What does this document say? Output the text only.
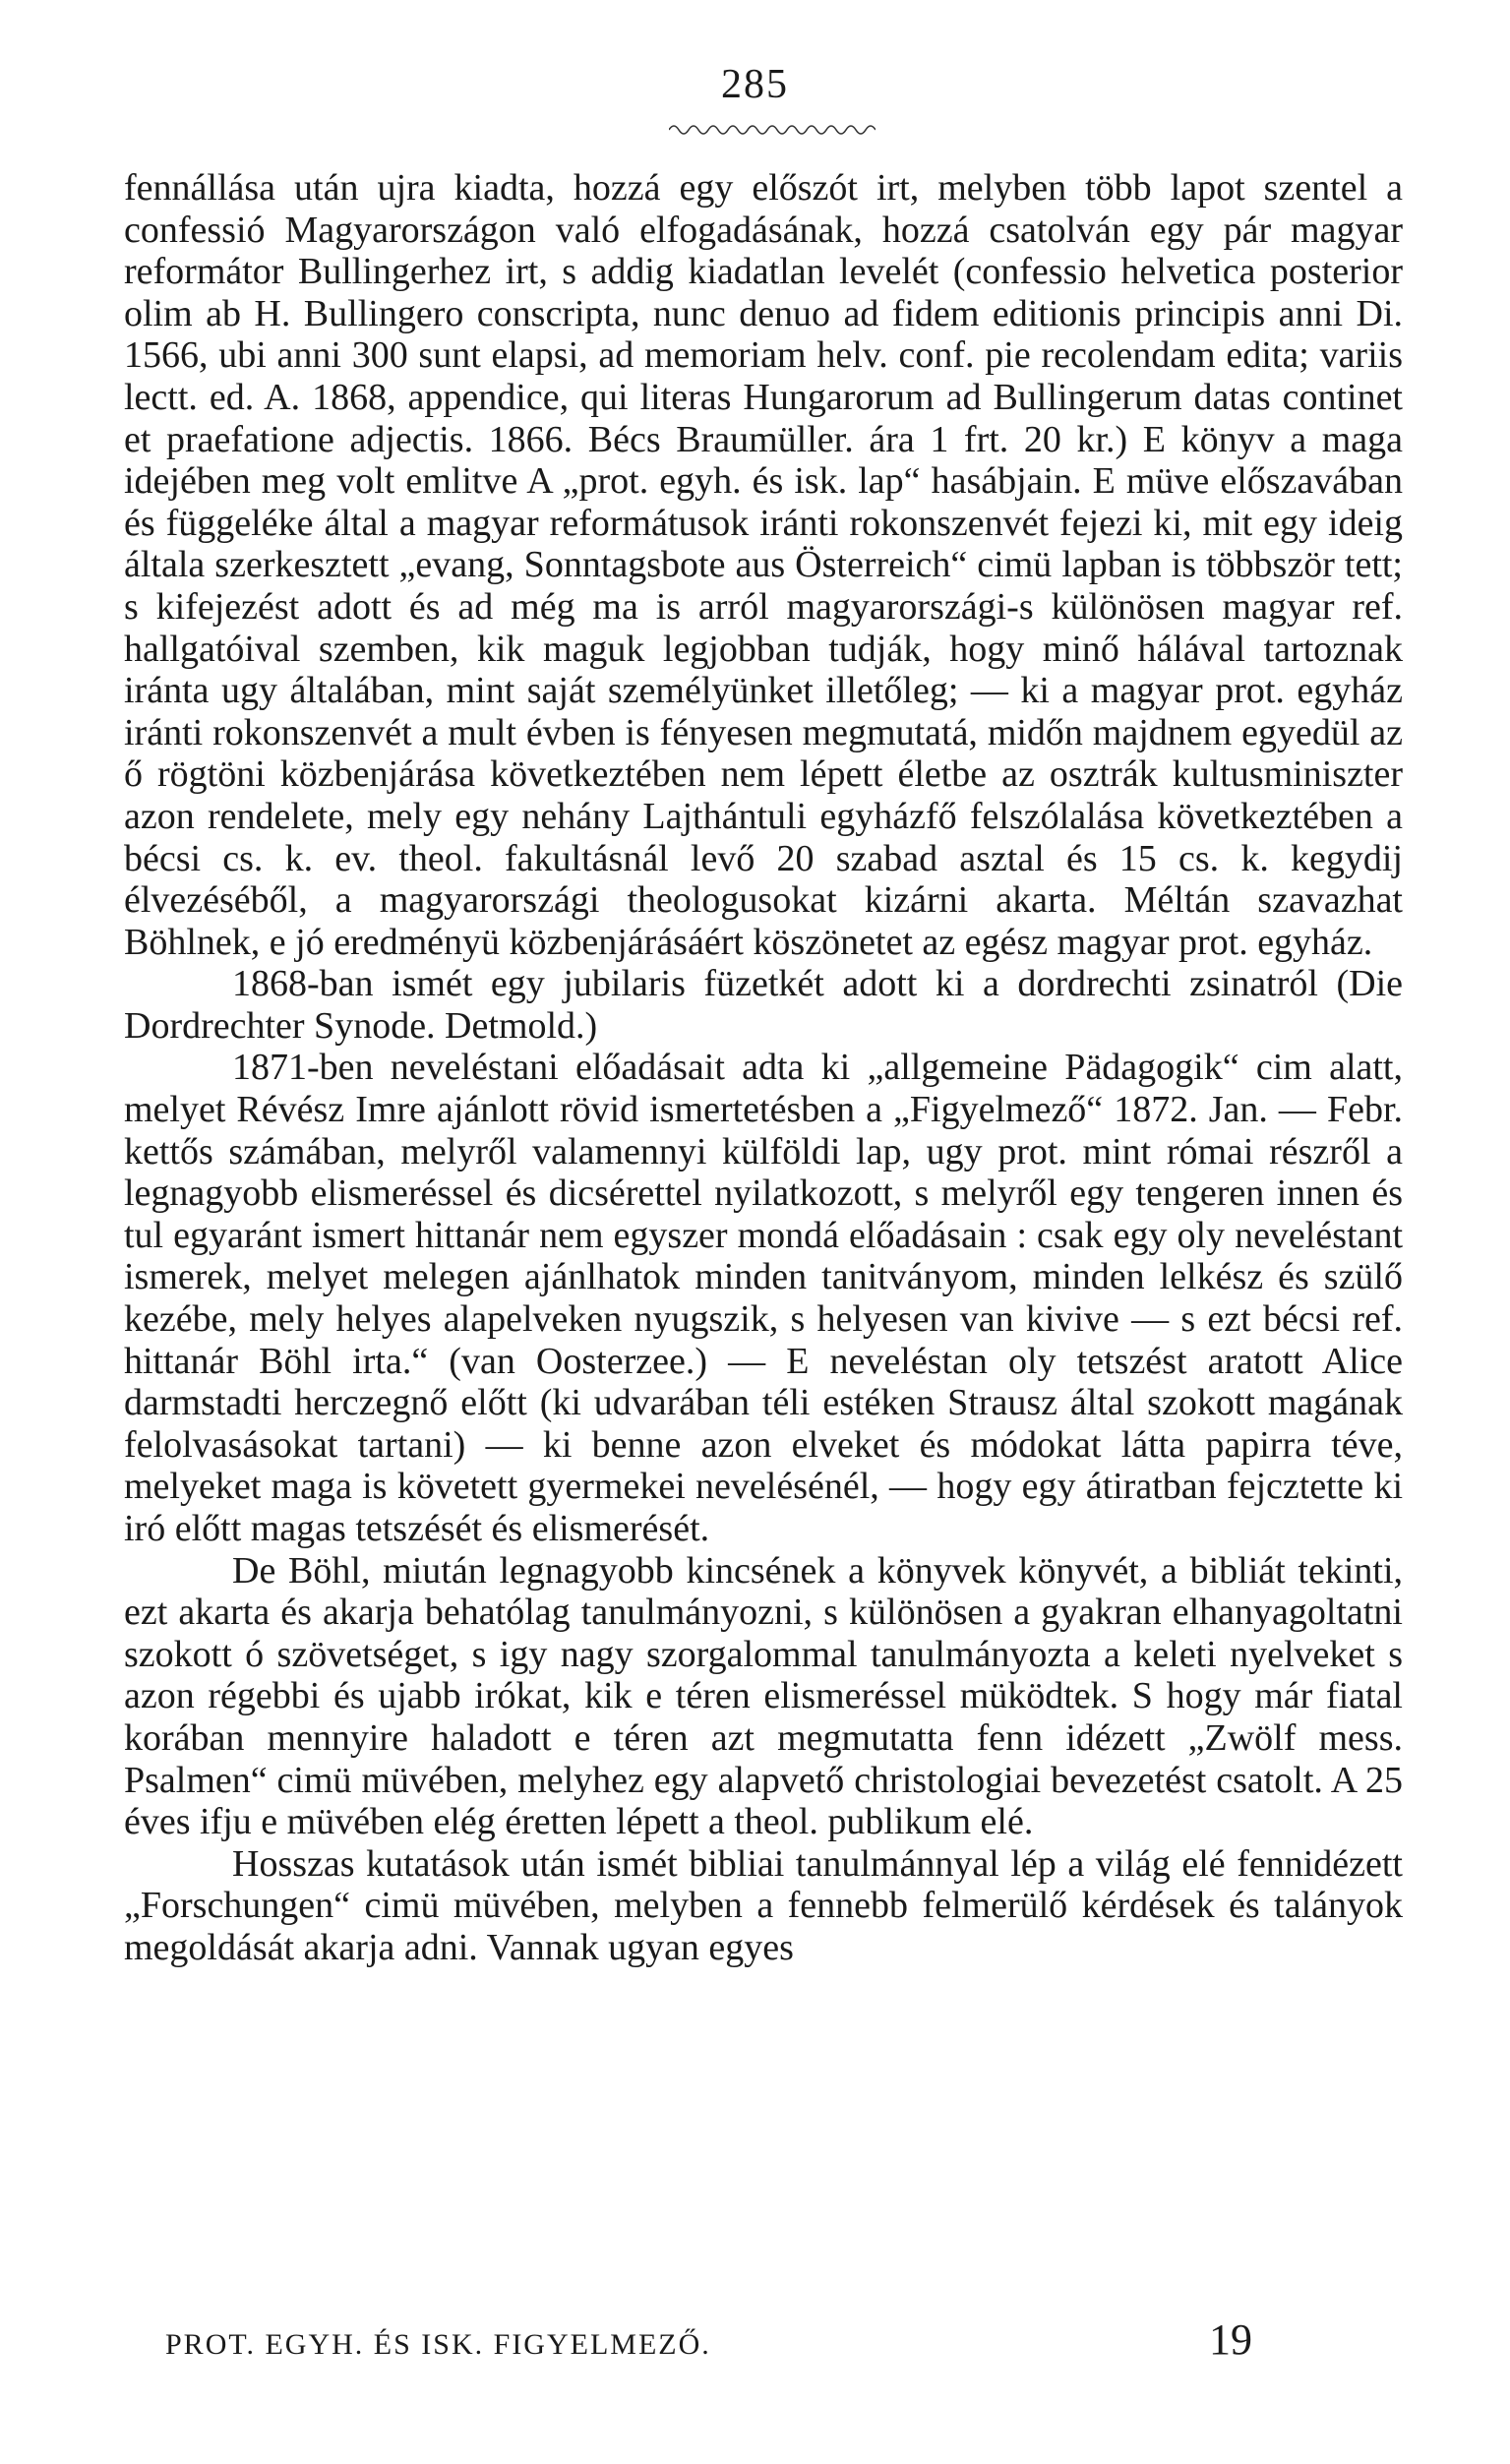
285

fennállása után ujra kiadta, hozzá egy előszót irt, melyben több lapot szentel a confessió Magyarországon való elfogadásának, hozzá csatolván egy pár magyar reformátor Bullingerhez irt, s addig kiadatlan levelét (confessio helvetica posterior olim ab H. Bullingero conscripta, nunc denuo ad fidem editionis principis anni Di. 1566, ubi anni 300 sunt elapsi, ad memoriam helv. conf. pie recolendam edita; variis lectt. ed. A. 1868, appendice, qui literas Hungarorum ad Bullingerum datas continet et praefatione adjectis. 1866. Bécs Braumüller. ára 1 frt. 20 kr.) E könyv a maga idejében meg volt emlitve A „prot. egyh. és isk. lap“ hasábjain. E müve előszavában és függeléke által a magyar reformátusok iránti rokonszenvét fejezi ki, mit egy ideig általa szerkesztett „evang, Sonntagsbote aus Österreich“ cimü lapban is többször tett; s kifejezést adott és ad még ma is arról magyarországi-s különösen magyar ref. hallgatóival szemben, kik maguk legjobban tudják, hogy minő hálával tartoznak iránta ugy általában, mint saját személyünket illetőleg; — ki a magyar prot. egyház iránti rokonszenvét a mult évben is fényesen megmutatá, midőn majdnem egyedül az ő rögtöni közbenjárása következtében nem lépett életbe az osztrák kultusminiszter azon rendelete, mely egy nehány Lajthántuli egyházfő felszólalása következtében a bécsi cs. k. ev. theol. fakultásnál levő 20 szabad asztal és 15 cs. k. kegydij élvezéséből, a magyarországi theologusokat kizárni akarta. Méltán szavazhat Böhlnek, e jó eredményü közbenjárásáért köszönetet az egész magyar prot. egyház.

1868-ban ismét egy jubilaris füzetkét adott ki a dordrechti zsinatról (Die Dordrechter Synode. Detmold.)

1871-ben neveléstani előadásait adta ki „allgemeine Pädagogik“ cim alatt, melyet Révész Imre ajánlott rövid ismertetésben a „Figyelmező“ 1872. Jan. — Febr. kettős számában, melyről valamennyi külföldi lap, ugy prot. mint római részről a legnagyobb elismeréssel és dicsérettel nyilatkozott, s melyről egy tengeren innen és tul egyaránt ismert hittanár nem egyszer mondá előadásain : csak egy oly neveléstant ismerek, melyet melegen ajánlhatok minden tanitványom, minden lelkész és szülő kezébe, mely helyes alapelveken nyugszik, s helyesen van kivive — s ezt bécsi ref. hittanár Böhl irta.“ (van Oosterzee.) — E neveléstan oly tetszést aratott Alice darmstadti herczegnő előtt (ki udvarában téli estéken Strausz által szokott magának felolvasásokat tartani) — ki benne azon elveket és módokat látta papirra téve, melyeket maga is követett gyermekei nevelésénél, — hogy egy átiratban fejcztette ki iró előtt magas tetszését és elismerését.

De Böhl, miután legnagyobb kincsének a könyvek könyvét, a bibliát tekinti, ezt akarta és akarja behatólag tanulmányozni, s különösen a gyakran elhanyagoltatni szokott ó szövetséget, s igy nagy szorgalommal tanulmányozta a keleti nyelveket s azon régebbi és ujabb irókat, kik e téren elismeréssel müködtek. S hogy már fiatal korában mennyire haladott e téren azt megmutatta fenn idézett „Zwölf mess. Psalmen“ cimü müvében, melyhez egy alapvető christologiai bevezetést csatolt. A 25 éves ifju e müvében elég éretten lépett a theol. publikum elé.

Hosszas kutatások után ismét bibliai tanulmánnyal lép a világ elé fennidézett „Forschungen“ cimü müvében, melyben a fennebb felmerülő kérdések és talányok megoldását akarja adni. Vannak ugyan egyes

PROT. EGYH. ÉS ISK. FIGYELMEZŐ.	19
